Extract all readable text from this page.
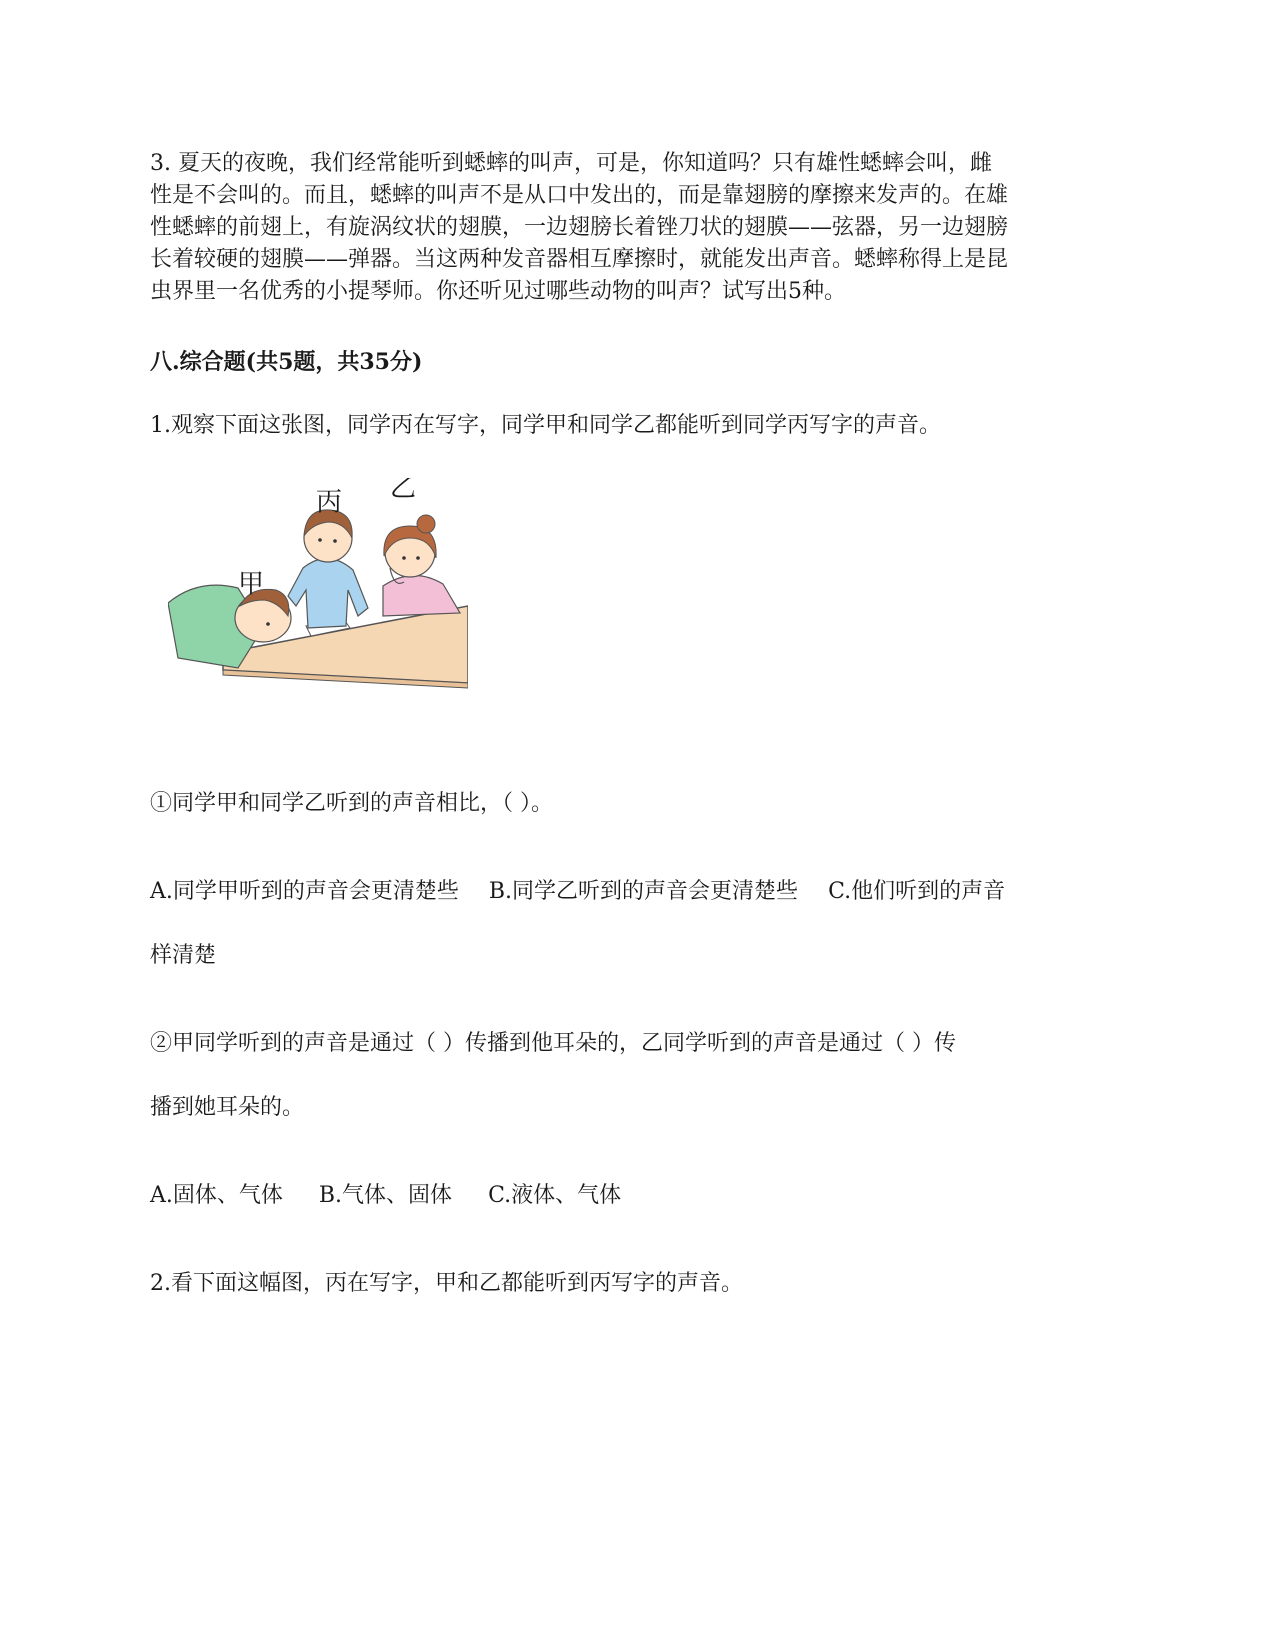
3. 夏天的夜晚，我们经常能听到蟋蟀的叫声，可是，你知道吗？只有雄性蟋蟀会叫，雌
性是不会叫的。而且，蟋蟀的叫声不是从口中发出的，而是靠翅膀的摩擦来发声的。在雄
性蟋蟀的前翅上，有旋涡纹状的翅膜，一边翅膀长着锉刀状的翅膜——弦器，另一边翅膀
长着较硬的翅膜——弹器。当这两种发音器相互摩擦时，就能发出声音。蟋蟀称得上是昆
虫界里一名优秀的小提琴师。你还听见过哪些动物的叫声？试写出5种。
八.综合题(共5题，共35分)
1.观察下面这张图，同学丙在写字，同学甲和同学乙都能听到同学丙写字的声音。
丙 乙
甲
①同学甲和同学乙听到的声音相比，（ ）。
A.同学甲听到的声音会更清楚些 B.同学乙听到的声音会更清楚些 C.他们听到的声音
样清楚
②甲同学听到的声音是通过（ ）传播到他耳朵的，乙同学听到的声音是通过（ ）传
播到她耳朵的。
A.固体、气体 B.气体、固体 C.液体、气体
2.看下面这幅图，丙在写字，甲和乙都能听到丙写字的声音。
